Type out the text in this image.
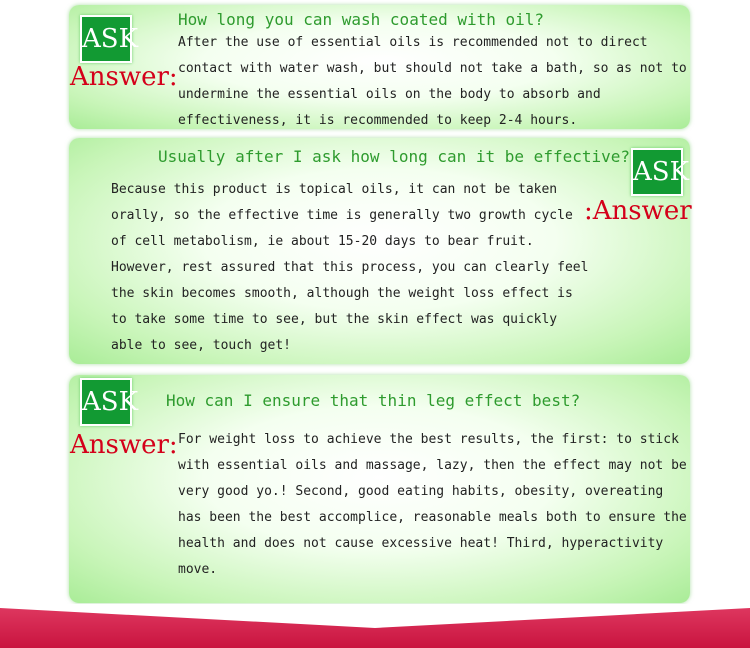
ASK
Answer:
How long you can wash coated with oil?
After the use of essential oils is recommended not to direct contact with water wash, but should not take a bath, so as not to undermine the essential oils on the body to absorb and effectiveness, it is recommended to keep 2-4 hours.
Usually after I ask how long can it be effective?
ASK
:Answer
Because this product is topical oils, it can not be taken orally, so the effective time is generally two growth cycle of cell metabolism, ie about 15-20 days to bear fruit. However, rest assured that this process, you can clearly feel the skin becomes smooth, although the weight loss effect is to take some time to see, but the skin effect was quickly able to see, touch get!
ASK How can I ensure that thin leg effect best?
Answer: For weight loss to achieve the best results, the first: to stick with essential oils and massage, lazy, then the effect may not be very good yo.! Second, good eating habits, obesity, overeating has been the best accomplice, reasonable meals both to ensure the health and does not cause excessive heat! Third, hyperactivity move.
